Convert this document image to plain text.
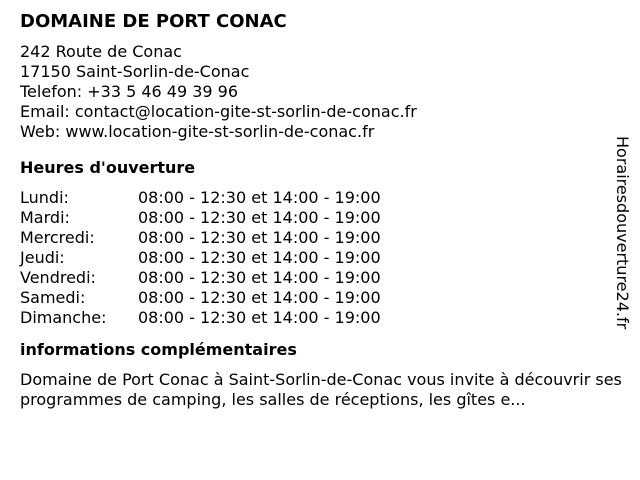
DOMAINE DE PORT CONAC
242 Route de Conac
17150 Saint-Sorlin-de-Conac
Telefon: +33 5 46 49 39 96
Email: contact@location-gite-st-sorlin-de-conac.fr
Web: www.location-gite-st-sorlin-de-conac.fr
Heures d'ouverture
Lundi:	08:00 - 12:30 et 14:00 - 19:00
Mardi:	08:00 - 12:30 et 14:00 - 19:00
Mercredi:	08:00 - 12:30 et 14:00 - 19:00
Jeudi:	08:00 - 12:30 et 14:00 - 19:00
Vendredi:	08:00 - 12:30 et 14:00 - 19:00
Samedi:	08:00 - 12:30 et 14:00 - 19:00
Dimanche:	08:00 - 12:30 et 14:00 - 19:00
informations complémentaires
Domaine de Port Conac à Saint-Sorlin-de-Conac vous invite à découvrir ses programmes de camping, les salles de réceptions, les gîtes e...
Horairesdouverture24.fr
